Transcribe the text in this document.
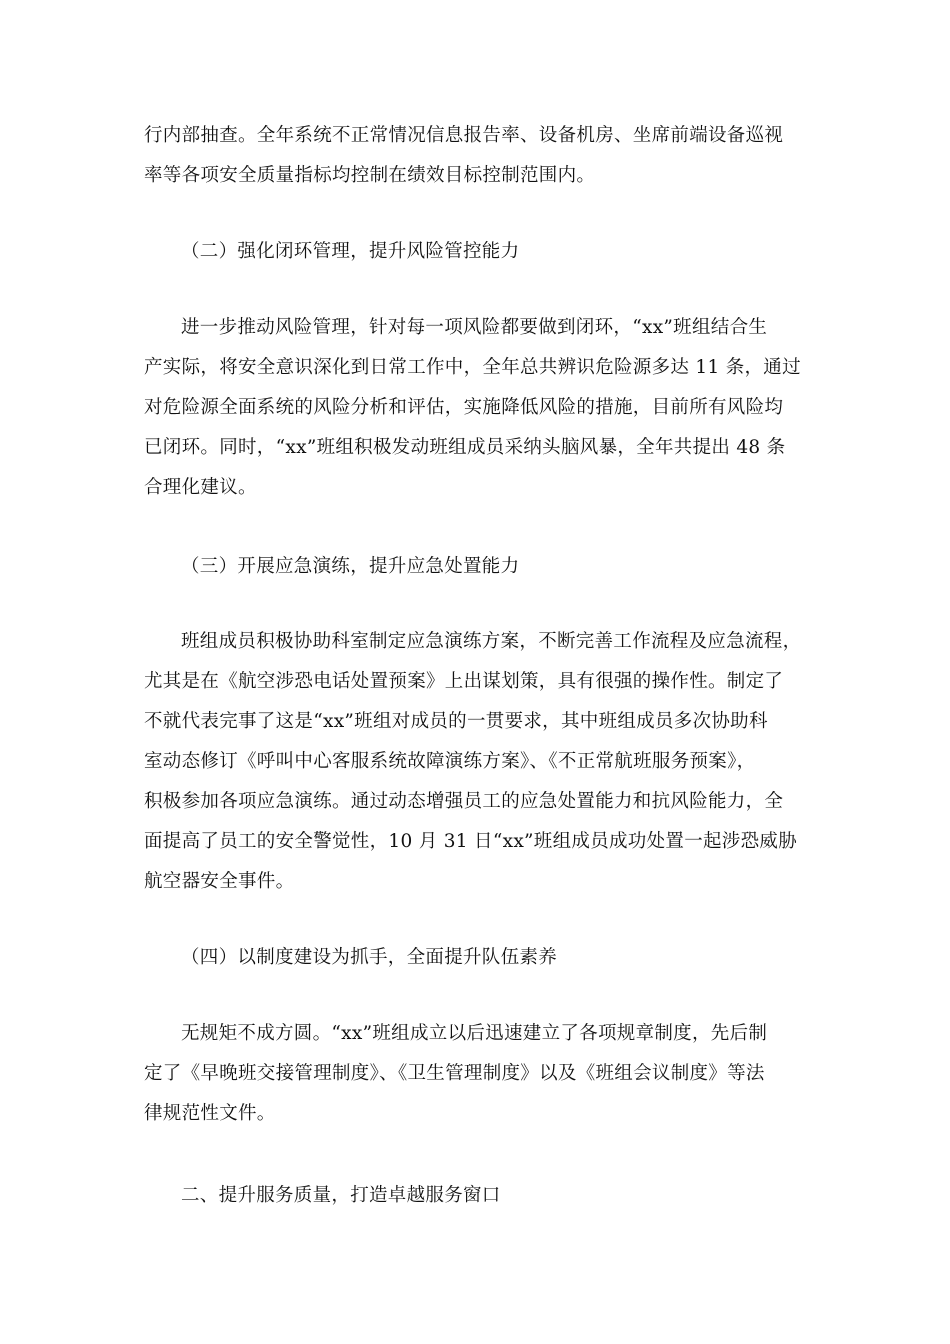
行内部抽查。全年系统不正常情况信息报告率、设备机房、坐席前端设备巡视
率等各项安全质量指标均控制在绩效目标控制范围内。
（二）强化闭环管理，提升风险管控能力
进一步推动风险管理，针对每一项风险都要做到闭环，“xx”班组结合生
产实际，将安全意识深化到日常工作中，全年总共辨识危险源多达 11 条，通过
对危险源全面系统的风险分析和评估，实施降低风险的措施，目前所有风险均
已闭环。同时，“xx”班组积极发动班组成员采纳头脑风暴，全年共提出 48 条
合理化建议。
（三）开展应急演练，提升应急处置能力
班组成员积极协助科室制定应急演练方案，不断完善工作流程及应急流程，
尤其是在《航空涉恐电话处置预案》上出谋划策，具有很强的操作性。制定了
不就代表完事了这是“xx”班组对成员的一贯要求，其中班组成员多次协助科
室动态修订《呼叫中心客服系统故障演练方案》、《不正常航班服务预案》，
积极参加各项应急演练。通过动态增强员工的应急处置能力和抗风险能力，全
面提高了员工的安全警觉性，10 月 31 日“xx”班组成员成功处置一起涉恐威胁
航空器安全事件。
（四）以制度建设为抓手，全面提升队伍素养
无规矩不成方圆。“xx”班组成立以后迅速建立了各项规章制度，先后制
定了《早晚班交接管理制度》、《卫生管理制度》以及《班组会议制度》等法
律规范性文件。
二、提升服务质量，打造卓越服务窗口
